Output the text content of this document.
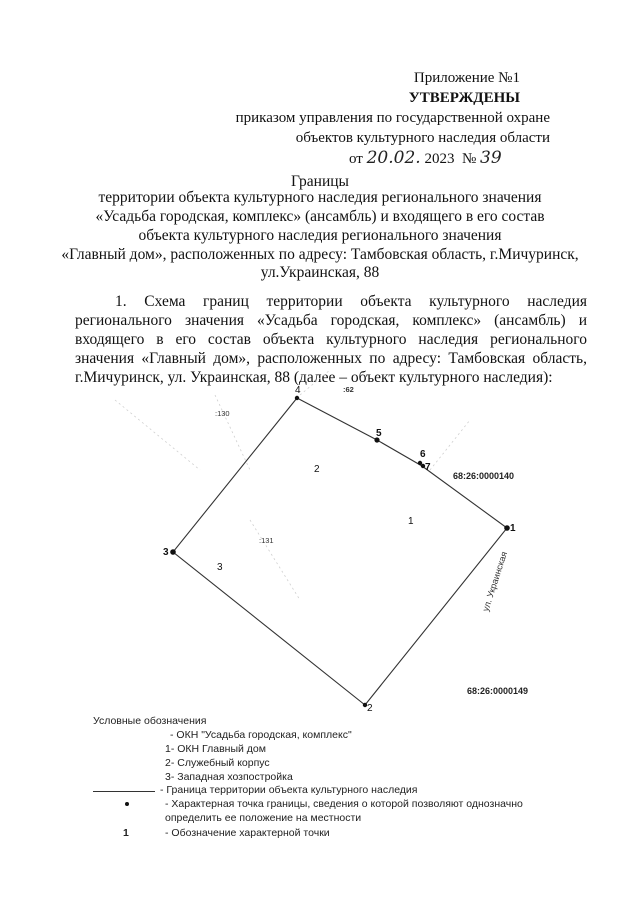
Приложение №1
УТВЕРЖДЕНЫ
приказом управления по государственной охране
объектов культурного наследия области
от 20.02. 2023 № 39
Границы
территории объекта культурного наследия регионального значения
«Усадьба городская, комплекс» (ансамбль) и входящего в его состав
объекта культурного наследия регионального значения
«Главный дом», расположенных по адресу: Тамбовская область, г.Мичуринск,
ул.Украинская, 88
1. Схема границ территории объекта культурного наследия регионального значения «Усадьба городская, комплекс» (ансамбль) и входящего в его состав объекта культурного наследия регионального значения «Главный дом», расположенных по адресу: Тамбовская область, г.Мичуринск, ул. Украинская, 88 (далее – объект культурного наследия):
1
2
3
4
5
6
7
1
2
3
:130
:62
:131
68:26:0000140
68:26:0000149
ул. Украинская
Условные обозначения
- ОКН "Усадьба городская, комплекс"
1- ОКН Главный дом
2- Служебный корпус
3- Западная хозпостройка
- Граница территории объекта культурного наследия
- Характерная точка границы, сведения о которой позволяют однозначно
определить ее положение на местности
1	- Обозначение характерной точки
